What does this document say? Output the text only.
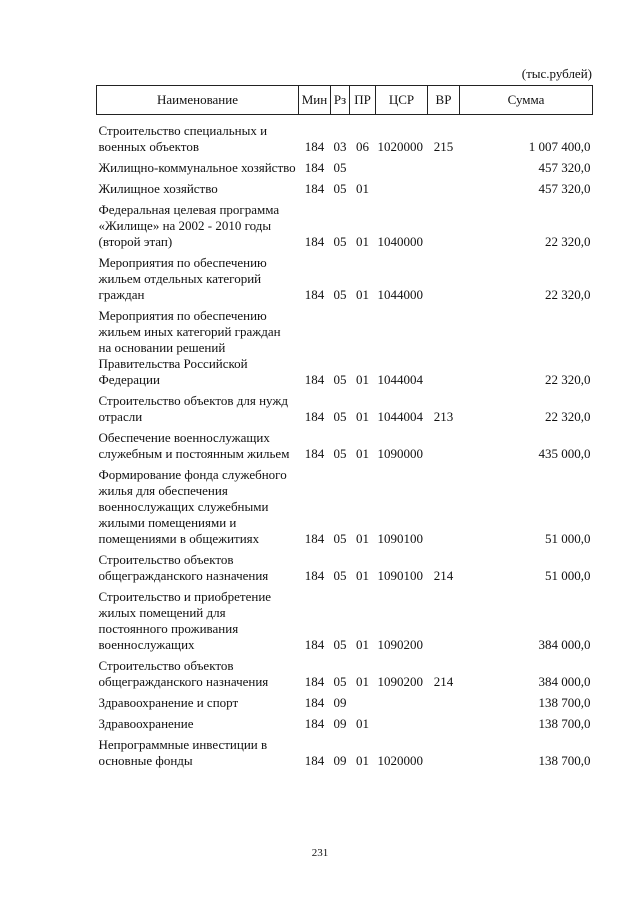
(тыс.рублей)
Наименование	Мин	Рз	ПР	ЦСР	ВР	Сумма
Строительство специальных и военных объектов	184	03	06	1020000	215	1 007 400,0
Жилищно-коммунальное хозяйство	184	05				457 320,0
Жилищное хозяйство	184	05	01			457 320,0
Федеральная целевая программа «Жилище» на 2002 - 2010 годы (второй этап)	184	05	01	1040000		22 320,0
Мероприятия по обеспечению жильем отдельных категорий граждан	184	05	01	1044000		22 320,0
Мероприятия по обеспечению жильем иных категорий граждан на основании решений Правительства Российской Федерации	184	05	01	1044004		22 320,0
Строительство объектов для нужд отрасли	184	05	01	1044004	213	22 320,0
Обеспечение военнослужащих служебным и постоянным жильем	184	05	01	1090000		435 000,0
Формирование фонда служебного жилья для обеспечения военнослужащих служебными жилыми помещениями и помещениями в общежитиях	184	05	01	1090100		51 000,0
Строительство объектов общегражданского назначения	184	05	01	1090100	214	51 000,0
Строительство и приобретение жилых помещений для постоянного проживания военнослужащих	184	05	01	1090200		384 000,0
Строительство объектов общегражданского назначения	184	05	01	1090200	214	384 000,0
Здравоохранение и спорт	184	09				138 700,0
Здравоохранение	184	09	01			138 700,0
Непрограммные инвестиции в основные фонды	184	09	01	1020000		138 700,0
231
